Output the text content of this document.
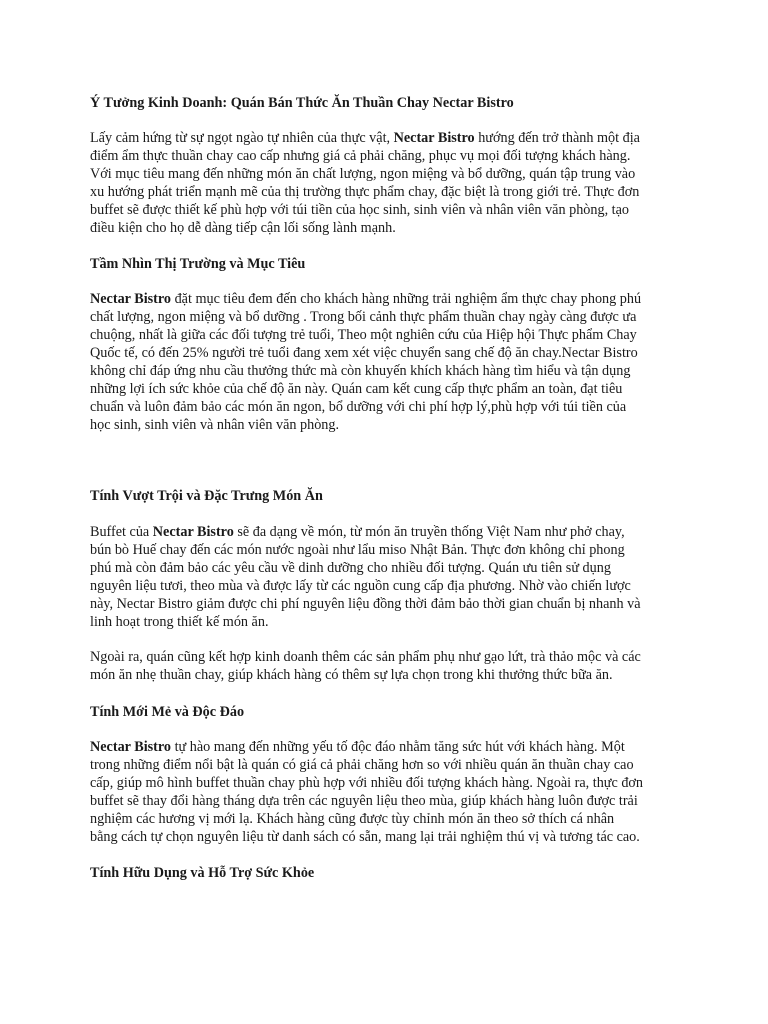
Ý Tưởng Kinh Doanh: Quán Bán Thức Ăn Thuần Chay Nectar Bistro
Lấy cảm hứng từ sự ngọt ngào tự nhiên của thực vật, Nectar Bistro hướng đến trở thành một địa
điểm ẩm thực thuần chay cao cấp nhưng giá cả phải chăng, phục vụ mọi đối tượng khách hàng.
Với mục tiêu mang đến những món ăn chất lượng, ngon miệng và bổ dưỡng, quán tập trung vào
xu hướng phát triển mạnh mẽ của thị trường thực phẩm chay, đặc biệt là trong giới trẻ. Thực đơn
buffet sẽ được thiết kế phù hợp với túi tiền của học sinh, sinh viên và nhân viên văn phòng, tạo
điều kiện cho họ dễ dàng tiếp cận lối sống lành mạnh.
Tầm Nhìn Thị Trường và Mục Tiêu
Nectar Bistro đặt mục tiêu đem đến cho khách hàng những trải nghiệm ẩm thực chay phong phú
chất lượng, ngon miệng và bổ dưỡng . Trong bối cảnh thực phẩm thuần chay ngày càng được ưa
chuộng, nhất là giữa các đối tượng trẻ tuổi, Theo một nghiên cứu của Hiệp hội Thực phẩm Chay
Quốc tế, có đến 25% người trẻ tuổi đang xem xét việc chuyển sang chế độ ăn chay.Nectar Bistro
không chỉ đáp ứng nhu cầu thưởng thức mà còn khuyến khích khách hàng tìm hiểu và tận dụng
những lợi ích sức khỏe của chế độ ăn này. Quán cam kết cung cấp thực phẩm an toàn, đạt tiêu
chuẩn và luôn đảm bảo các món ăn ngon, bổ dưỡng với chi phí hợp lý,phù hợp với túi tiền của
học sinh, sinh viên và nhân viên văn phòng.
Tính Vượt Trội và Đặc Trưng Món Ăn
Buffet của Nectar Bistro sẽ đa dạng về món, từ món ăn truyền thống Việt Nam như phở chay,
bún bò Huế chay đến các món nước ngoài như lẩu miso Nhật Bản. Thực đơn không chỉ phong
phú mà còn đảm bảo các yêu cầu về dinh dưỡng cho nhiều đối tượng. Quán ưu tiên sử dụng
nguyên liệu tươi, theo mùa và được lấy từ các nguồn cung cấp địa phương. Nhờ vào chiến lược
này, Nectar Bistro giảm được chi phí nguyên liệu đồng thời đảm bảo thời gian chuẩn bị nhanh và
linh hoạt trong thiết kế món ăn.
Ngoài ra, quán cũng kết hợp kinh doanh thêm các sản phẩm phụ như gạo lứt, trà thảo mộc và các
món ăn nhẹ thuần chay, giúp khách hàng có thêm sự lựa chọn trong khi thưởng thức bữa ăn.
Tính Mới Mẻ và Độc Đáo
Nectar Bistro tự hào mang đến những yếu tố độc đáo nhằm tăng sức hút với khách hàng. Một
trong những điểm nổi bật là quán có giá cả phải chăng hơn so với nhiều quán ăn thuần chay cao
cấp, giúp mô hình buffet thuần chay phù hợp với nhiều đối tượng khách hàng. Ngoài ra, thực đơn
buffet sẽ thay đổi hàng tháng dựa trên các nguyên liệu theo mùa, giúp khách hàng luôn được trải
nghiệm các hương vị mới lạ. Khách hàng cũng được tùy chỉnh món ăn theo sở thích cá nhân
bằng cách tự chọn nguyên liệu từ danh sách có sẵn, mang lại trải nghiệm thú vị và tương tác cao.
Tính Hữu Dụng và Hỗ Trợ Sức Khỏe
